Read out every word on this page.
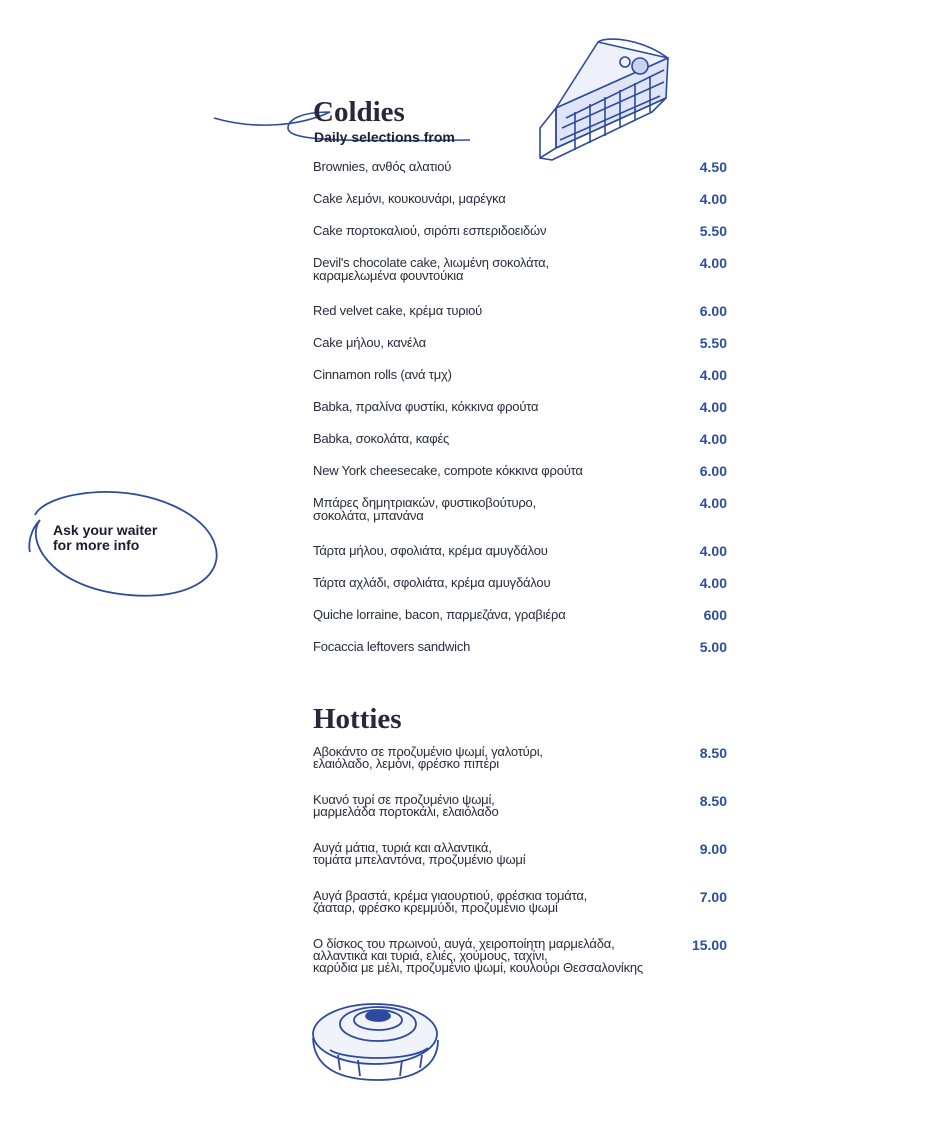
Coldies
Daily selections from
Brownies, ανθός αλατιού	4.50
Cake λεμόνι, κουκουνάρι, μαρέγκα	4.00
Cake πορτοκαλιού, σιρόπι εσπεριδοειδών	5.50
Devil's chocolate cake, λιωμένη σοκολάτα,
καραμελωμένα φουντούκια
4.00
Red velvet cake, κρέμα τυριού	6.00
Cake μήλου, κανέλα	5.50
Cinnamon rolls (ανά τμχ)	4.00
Babka, πραλίνα φυστίκι, κόκκινα φρούτα	4.00
Babka, σοκολάτα, καφές	4.00
New York cheesecake, compote κόκκινα φρούτα	6.00
Μπάρες δημητριακών, φυστικοβούτυρο,
σοκολάτα, μπανάνα
4.00
Τάρτα μήλου, σφολιάτα, κρέμα αμυγδάλου	4.00
Τάρτα αχλάδι, σφολιάτα, κρέμα αμυγδάλου	4.00
Quiche lorraine, bacon, παρμεζάνα, γραβιέρα	600
Focaccia leftovers sandwich	5.00
Ask your waiter
for more info
Hotties
Αβοκάντο σε προζυμένιο ψωμί, γαλοτύρι,
ελαιόλαδο, λεμόνι, φρέσκο πιπέρι
8.50
Κυανό τυρί σε προζυμένιο ψωμί,
μαρμελάδα πορτοκάλι, ελαιόλαδο
8.50
Αυγά μάτια, τυριά και αλλαντικά,
τομάτα μπελαντόνα, προζυμένιο ψωμί
9.00
Αυγά βραστά, κρέμα γιαουρτιού, φρέσκια τομάτα,
ζάαταρ, φρέσκο κρεμμύδι, προζυμένιο ψωμί
7.00
Ο δίσκος του πρωινού, αυγά, χειροποίητη μαρμελάδα,
αλλαντικά και τυριά, ελιές, χούμους, ταχίνι,
καρύδια με μέλι, προζυμένιο ψωμί, κουλούρι Θεσσαλονίκης
15.00
